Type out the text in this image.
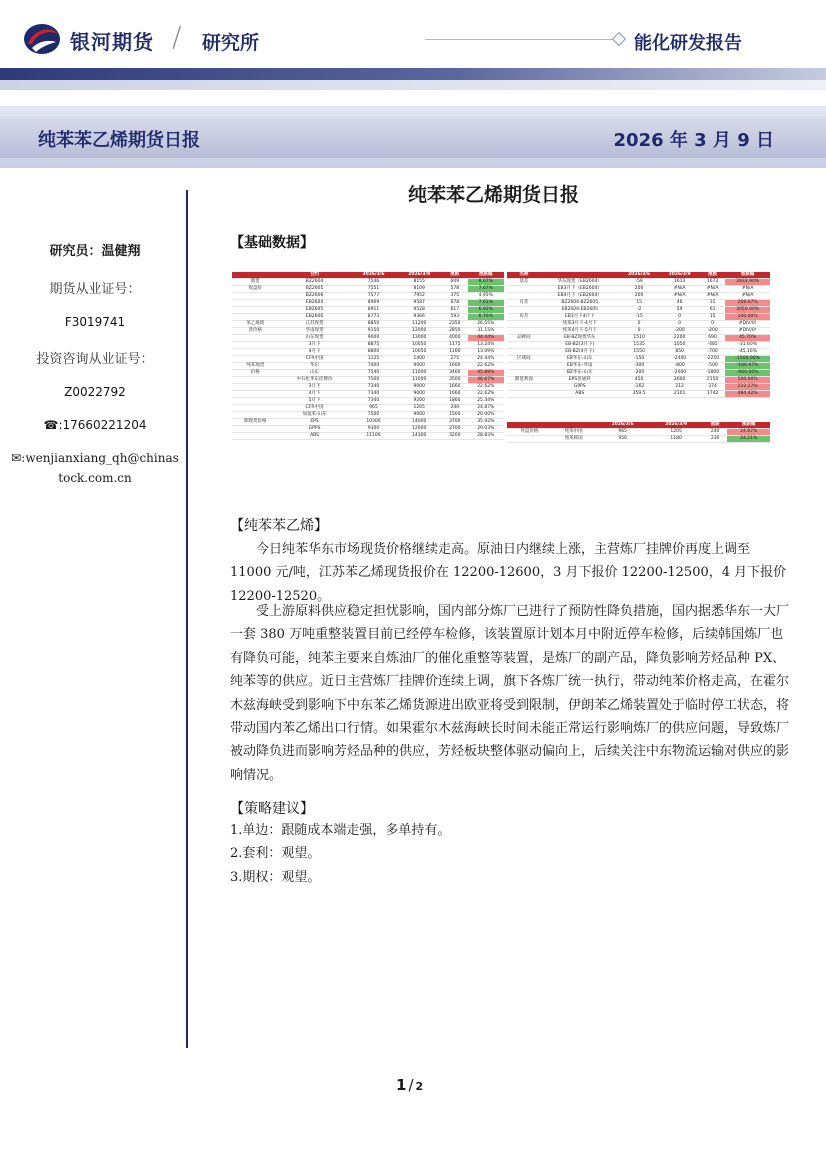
银河期货 / 研究所	能化研发报告
纯苯苯乙烯期货日报	2026 年 3 月 9 日
研究员：温健翔
期货从业证号：
F3019741
投资咨询从业证号：
Z0022792
☎:17660221204
✉:wenjianxiang_qh@chinas
tock.com.cn
纯苯苯乙烯期货日报
【基础数据】
	合约	2026/3/6	2026/3/9	涨跌	涨跌幅
期货	BZ2604	7546	8155	609	8.07%
收盘价	BZ2605	7551	8109	578	7.67%
	BZ2606	7577	7952	375	4.95%
	EB2604	8909	9587	678	7.61%
	EB2605	8911	9528	617	6.92%
	EB2606	8773	9366	593	6.76%
苯乙烯现	江苏现货	8850	11200	2350	26.55%
货价格	华南现货	9150	12000	2850	31.15%
	山东现货	9000	13000	4000	44.44%
	3月下	8875	10050	1175	13.24%
	4月下	8800	10050	1160	13.09%
	CFR中国	1125	1400	275	24.44%
纯苯现货	华东	7400	9000	1600	22.62%
价格	山东	7540	11000	3460	45.89%
	中石化华东挂牌价	7500	11000	3500	46.67%
	3月下	7340	9000	1660	22.62%
	4月下	7340	9000	1660	22.62%
	5月下	7340	9200	1860	25.34%
	CFR中国	965	1205	240	24.87%
	加氢苯-山东	7500	9000	1500	20.00%
期现货价格	EPS	10300	14000	3700	35.92%
	GPPS	9300	12000	2700	29.03%
	ABS	11100	14300	3200	28.83%
名称		2026/3/6	2026/3/9	涨跌	涨跌幅
基差	华东现货（EB2604）	-59	1613	1672	2833.90%
	EB3月下（EB2604）	200	#N/A	#N/A	#N/A
	EB4月下（EB2604）	200	#N/A	#N/A	#N/A
月差	BZ2604-BZ2605	15	46	31	206.67%
	EB2604-EB2605	-2	59	61	3050.00%
价差	EB3月下4月下	-15	0	15	100.00%
	纯苯3月下-4月下	0	0	0	#DIV/0!
	纯苯4月下-5月下	0	-200	-200	#DIV/0!
品种间	EB-BZ现货华东	1510	2200	690	45.70%
	EB-BZ(3月下)	1535	1050	-485	-31.60%
	EB-BZ(4月下)	1550	850	-700	-45.16%
区域间	EB华东-山东	-150	-2400	-2250	-1500.00%
	EB华东-华南	-300	-800	-500	-166.67%
	BZ华东-山东	-200	-2000	-1800	-900.00%
期货利润	EPS普通料	450	2600	2150	500.00%
	GPPS	-162	212	374	232.27%
	ABS	359.5	2101	1742	484.42%
		2026/3/6	2026/3/9	涨跌	涨跌幅
外盘价格	纯苯中国	965	1205	240	24.87%
	纯苯韩国	950	1180	230	24.21%
【纯苯苯乙烯】
今日纯苯华东市场现货价格继续走高。原油日内继续上涨，主营炼厂挂牌价再度上调至 11000 元/吨，江苏苯乙烯现货报价在 12200-12600，3 月下报价 12200-12500，4 月下报价 12200-12520。
受上游原料供应稳定担忧影响，国内部分炼厂已进行了预防性降负措施，国内据悉华东一大厂一套 380 万吨重整装置目前已经停车检修，该装置原计划本月中附近停车检修，后续韩国炼厂也有降负可能，纯苯主要来自炼油厂的催化重整等装置，是炼厂的副产品，降负影响芳烃品种 PX、纯苯等的供应。近日主营炼厂挂牌价连续上调，旗下各炼厂统一执行，带动纯苯价格走高，在霍尔木兹海峡受到影响下中东苯乙烯货源进出欧亚将受到限制，伊朗苯乙烯装置处于临时停工状态，将带动国内苯乙烯出口行情。如果霍尔木兹海峡长时间未能正常运行影响炼厂的供应问题，导致炼厂被动降负进而影响芳烃品种的供应，芳烃板块整体驱动偏向上，后续关注中东物流运输对供应的影响情况。
【策略建议】
1.单边：跟随成本端走强，多单持有。
2.套利：观望。
3.期权：观望。
1 / 2
